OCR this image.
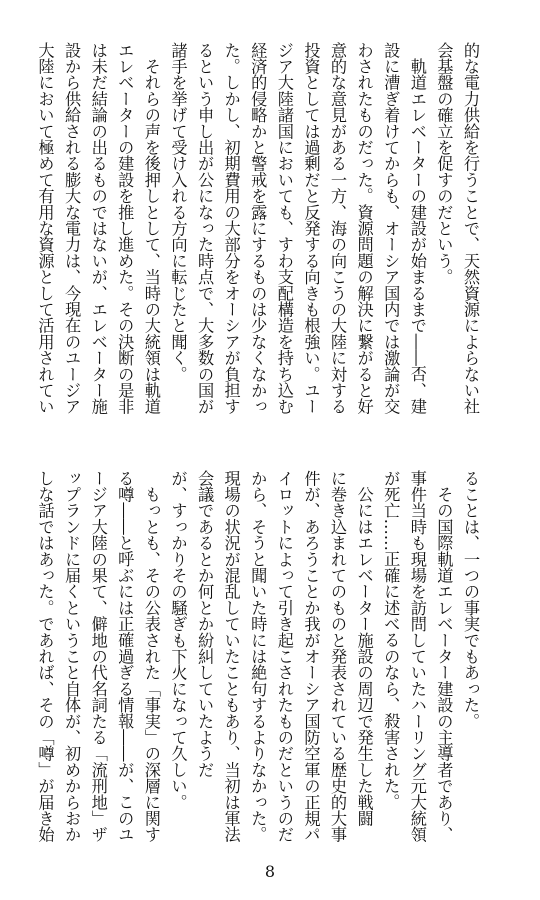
的な電力供給を行うことで、天然資源によらない社
会基盤の確立を促すのだという。
　軌道エレベーターの建設が始まるまで――否、建
設に漕ぎ着けてからも、オーシア国内では激論が交
わされたものだった。資源問題の解決に繋がると好
意的な意見がある一方、海の向こうの大陸に対する
投資としては過剰だと反発する向きも根強い。ユー
ジア大陸諸国においても、すわ支配構造を持ち込む
経済的侵略かと警戒を露にするものは少なくなかっ
た。しかし、初期費用の大部分をオーシアが負担す
るという申し出が公になった時点で、大多数の国が
諸手を挙げて受け入れる方向に転じたと聞く。
　それらの声を後押しとして、当時の大統領は軌道
エレベーターの建設を推し進めた。その決断の是非
は未だ結論の出るものではないが、エレベーター施
設から供給される膨大な電力は、今現在のユージア
大陸において極めて有用な資源として活用されてい
ることは、一つの事実でもあった。
　その国際軌道エレベーター建設の主導者であり、
事件当時も現場を訪問していたハーリング元大統領
が死亡……正確に述べるのなら、殺害された。
　公にはエレベーター施設の周辺で発生した戦闘
に巻き込まれてのものと発表されている歴史的大事
件が、あろうことか我がオーシア国防空軍の正規パ
イロットによって引き起こされたものだというのだ
から、そうと聞いた時には絶句するよりなかった。
現場の状況が混乱していたこともあり、当初は軍法
会議であるとか何とか紛糾していたようだ
が、すっかりその騒ぎも下火になって久しい。
　もっとも、その公表された「事実」の深層に関す
る噂――と呼ぶには正確過ぎる情報――が、このユ
ージア大陸の果て、僻地の代名詞たる「流刑地」ザ
ップランドに届くということ自体が、初めからおか
しな話ではあった。であれば、その「噂」が届き始
8
